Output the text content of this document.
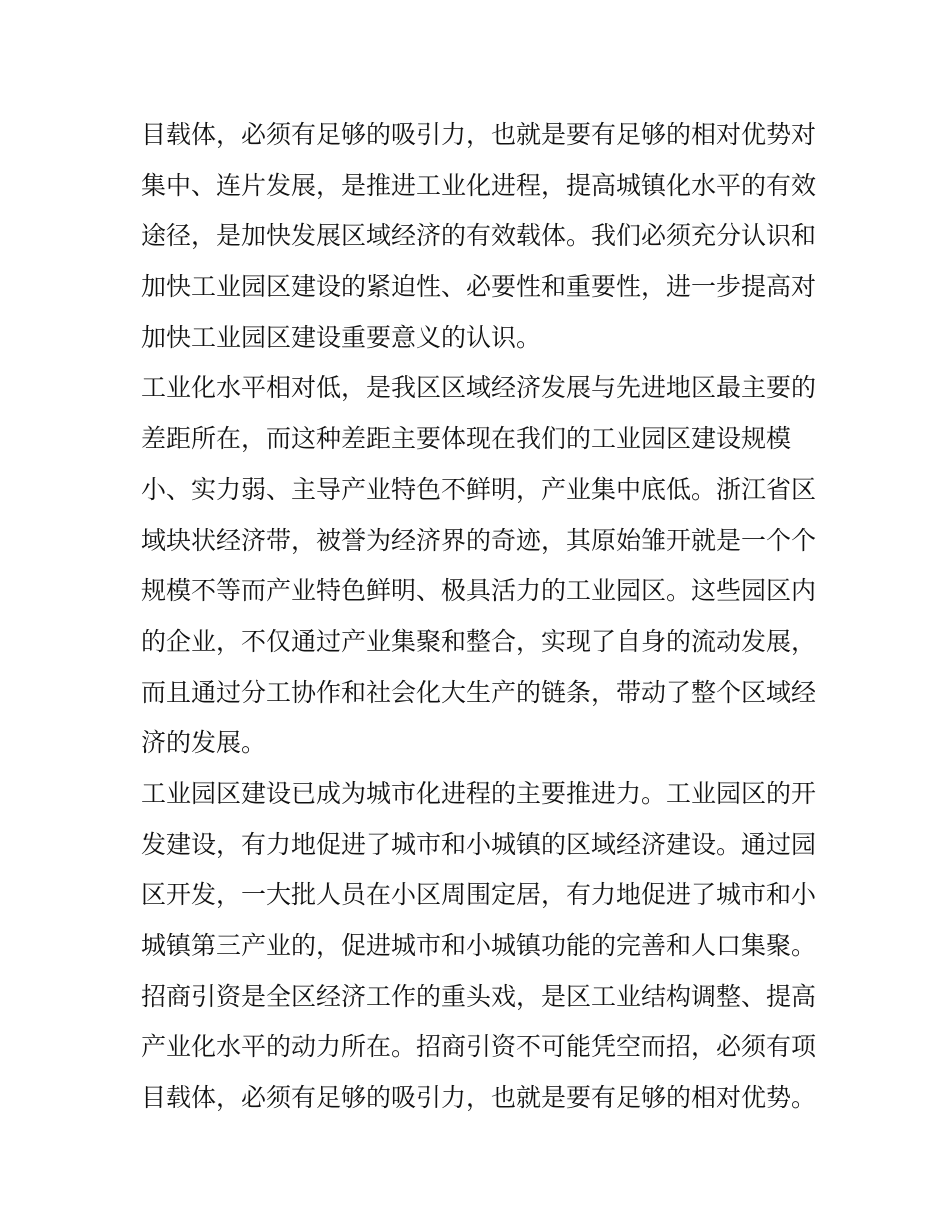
目载体，必须有足够的吸引力，也就是要有足够的相对优势对
集中、连片发展，是推进工业化进程，提高城镇化水平的有效
途径，是加快发展区域经济的有效载体。我们必须充分认识和
加快工业园区建设的紧迫性、必要性和重要性，进一步提高对
加快工业园区建设重要意义的认识。
工业化水平相对低，是我区区域经济发展与先进地区最主要的
差距所在，而这种差距主要体现在我们的工业园区建设规模
小、实力弱、主导产业特色不鲜明，产业集中底低。浙江省区
域块状经济带，被誉为经济界的奇迹，其原始雏开就是一个个
规模不等而产业特色鲜明、极具活力的工业园区。这些园区内
的企业，不仅通过产业集聚和整合，实现了自身的流动发展，
而且通过分工协作和社会化大生产的链条，带动了整个区域经
济的发展。
工业园区建设已成为城市化进程的主要推进力。工业园区的开
发建设，有力地促进了城市和小城镇的区域经济建设。通过园
区开发，一大批人员在小区周围定居，有力地促进了城市和小
城镇第三产业的，促进城市和小城镇功能的完善和人口集聚。
招商引资是全区经济工作的重头戏，是区工业结构调整、提高
产业化水平的动力所在。招商引资不可能凭空而招，必须有项
目载体，必须有足够的吸引力，也就是要有足够的相对优势。
